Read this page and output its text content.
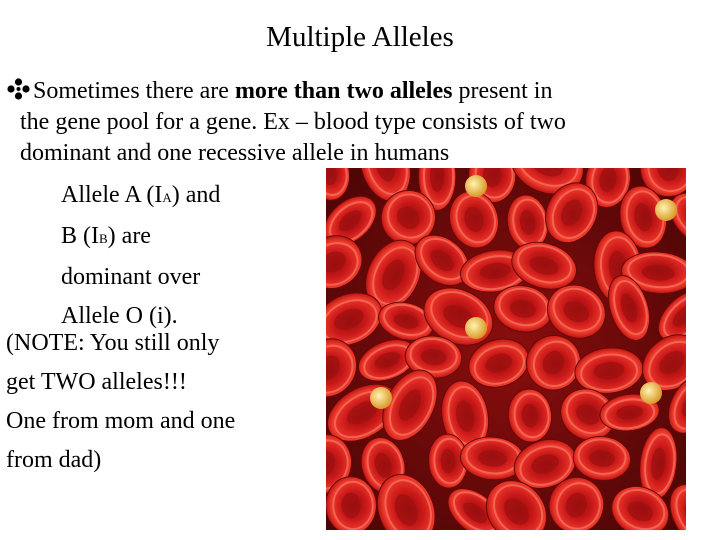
Multiple Alleles
Sometimes there are more than two alleles present in
the gene pool for a gene. Ex – blood type consists of two
dominant and one recessive allele in humans
Allele A (IA) and
B (IB) are
dominant over
Allele O (i).
(NOTE: You still only
get TWO alleles!!!
One from mom and one
from dad)
